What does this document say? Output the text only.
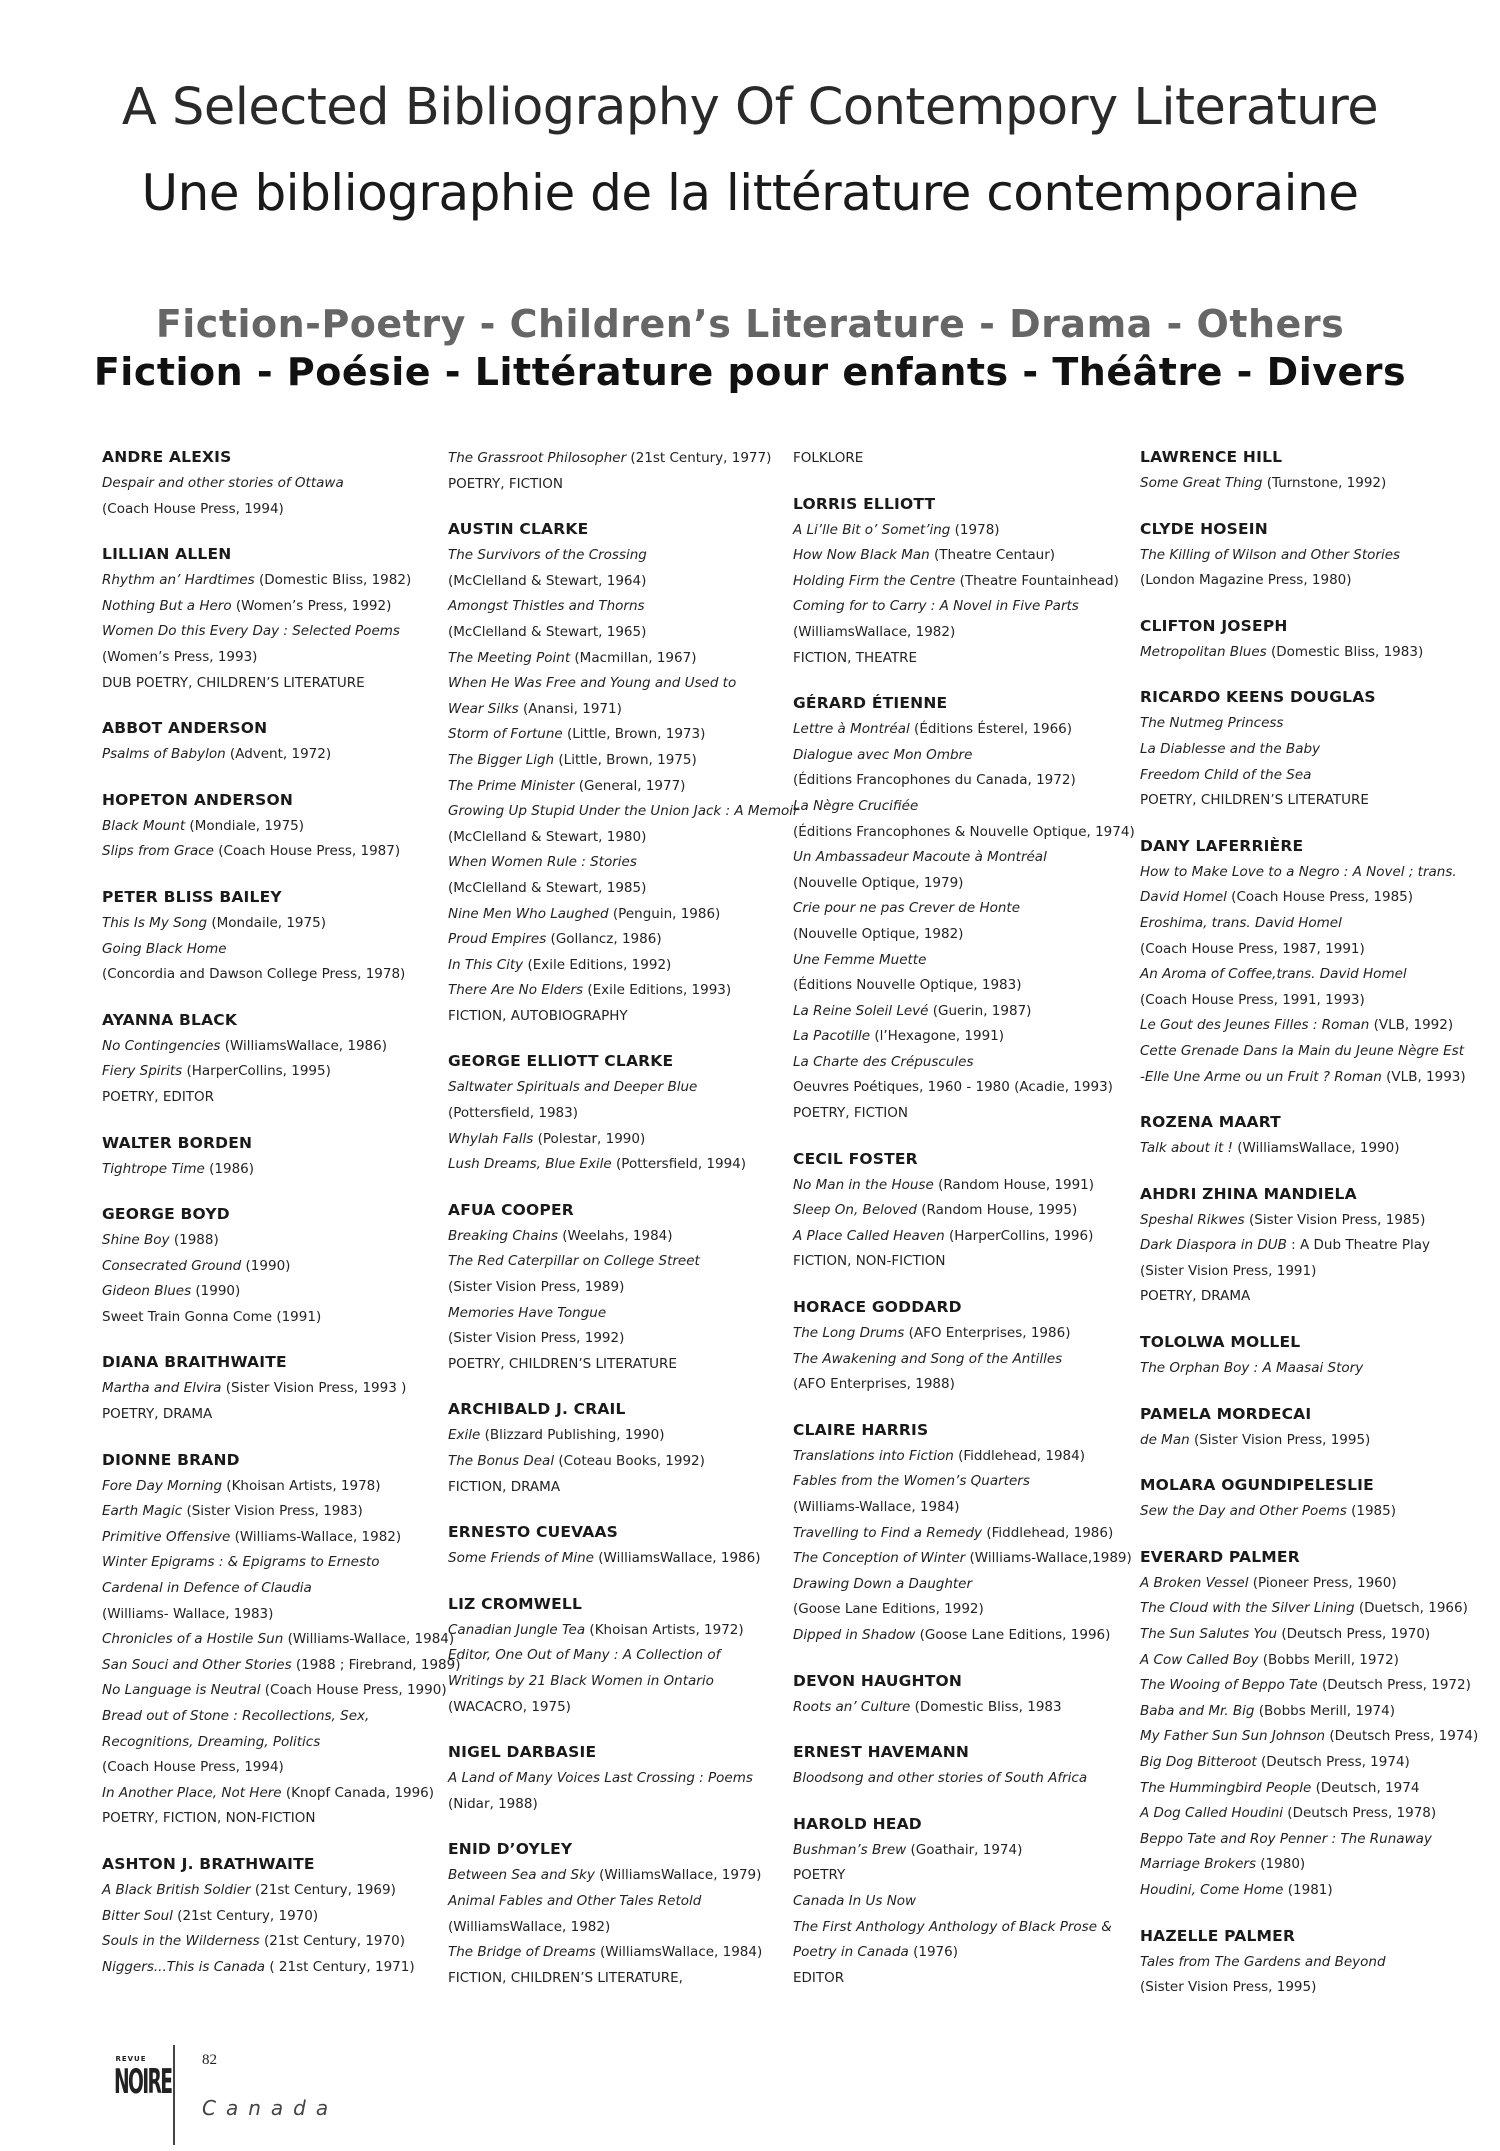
A Selected Bibliography Of Contempory Literature
Une bibliographie de la littérature contemporaine
Fiction-Poetry - Children’s Literature - Drama - Others
Fiction - Poésie - Littérature pour enfants - Théâtre - Divers
ANDRE ALEXIS
Despair and other stories of Ottawa
(Coach House Press, 1994)
LILLIAN ALLEN
Rhythm an’ Hardtimes (Domestic Bliss, 1982)
Nothing But a Hero (Women’s Press, 1992)
Women Do this Every Day : Selected Poems
(Women’s Press, 1993)
DUB POETRY, CHILDREN’S LITERATURE
ABBOT ANDERSON
Psalms of Babylon (Advent, 1972)
HOPETON ANDERSON
Black Mount (Mondiale, 1975)
Slips from Grace (Coach House Press, 1987)
PETER BLISS BAILEY
This Is My Song (Mondaile, 1975)
Going Black Home
(Concordia and Dawson College Press, 1978)
AYANNA BLACK
No Contingencies (WilliamsWallace, 1986)
Fiery Spirits (HarperCollins, 1995)
POETRY, EDITOR
WALTER BORDEN
Tightrope Time (1986)
GEORGE BOYD
Shine Boy (1988)
Consecrated Ground (1990)
Gideon Blues (1990)
Sweet Train Gonna Come (1991)
DIANA BRAITHWAITE
Martha and Elvira (Sister Vision Press, 1993 )
POETRY, DRAMA
DIONNE BRAND
Fore Day Morning (Khoisan Artists, 1978)
Earth Magic (Sister Vision Press, 1983)
Primitive Offensive (Williams-Wallace, 1982)
Winter Epigrams : & Epigrams to Ernesto
Cardenal in Defence of Claudia
(Williams- Wallace, 1983)
Chronicles of a Hostile Sun (Williams-Wallace, 1984)
San Souci and Other Stories (1988 ; Firebrand, 1989)
No Language is Neutral (Coach House Press, 1990)
Bread out of Stone : Recollections, Sex,
Recognitions, Dreaming, Politics
(Coach House Press, 1994)
In Another Place, Not Here (Knopf Canada, 1996)
POETRY, FICTION, NON-FICTION
ASHTON J. BRATHWAITE
A Black British Soldier (21st Century, 1969)
Bitter Soul (21st Century, 1970)
Souls in the Wilderness (21st Century, 1970)
Niggers...This is Canada ( 21st Century, 1971)
The Grassroot Philosopher (21st Century, 1977)
POETRY, FICTION
AUSTIN CLARKE
The Survivors of the Crossing
(McClelland & Stewart, 1964)
Amongst Thistles and Thorns
(McClelland & Stewart, 1965)
The Meeting Point (Macmillan, 1967)
When He Was Free and Young and Used to
Wear Silks (Anansi, 1971)
Storm of Fortune (Little, Brown, 1973)
The Bigger Ligh (Little, Brown, 1975)
The Prime Minister (General, 1977)
Growing Up Stupid Under the Union Jack : A Memoir
(McClelland & Stewart, 1980)
When Women Rule : Stories
(McClelland & Stewart, 1985)
Nine Men Who Laughed (Penguin, 1986)
Proud Empires (Gollancz, 1986)
In This City (Exile Editions, 1992)
There Are No Elders (Exile Editions, 1993)
FICTION, AUTOBIOGRAPHY
GEORGE ELLIOTT CLARKE
Saltwater Spirituals and Deeper Blue
(Pottersfield, 1983)
Whylah Falls (Polestar, 1990)
Lush Dreams, Blue Exile (Pottersfield, 1994)
AFUA COOPER
Breaking Chains (Weelahs, 1984)
The Red Caterpillar on College Street
(Sister Vision Press, 1989)
Memories Have Tongue
(Sister Vision Press, 1992)
POETRY, CHILDREN’S LITERATURE
ARCHIBALD J. CRAIL
Exile (Blizzard Publishing, 1990)
The Bonus Deal (Coteau Books, 1992)
FICTION, DRAMA
ERNESTO CUEVAAS
Some Friends of Mine (WilliamsWallace, 1986)
LIZ CROMWELL
Canadian Jungle Tea (Khoisan Artists, 1972)
Editor, One Out of Many : A Collection of
Writings by 21 Black Women in Ontario
(WACACRO, 1975)
NIGEL DARBASIE
A Land of Many Voices Last Crossing : Poems
(Nidar, 1988)
ENID D’OYLEY
Between Sea and Sky (WilliamsWallace, 1979)
Animal Fables and Other Tales Retold
(WilliamsWallace, 1982)
The Bridge of Dreams (WilliamsWallace, 1984)
FICTION, CHILDREN’S LITERATURE,
FOLKLORE
LORRIS ELLIOTT
A Li’lle Bit o’ Somet’ing (1978)
How Now Black Man (Theatre Centaur)
Holding Firm the Centre (Theatre Fountainhead)
Coming for to Carry : A Novel in Five Parts
(WilliamsWallace, 1982)
FICTION, THEATRE
GÉRARD ÉTIENNE
Lettre à Montréal (Éditions Ésterel, 1966)
Dialogue avec Mon Ombre
(Éditions Francophones du Canada, 1972)
La Nègre Crucifiée
(Éditions Francophones & Nouvelle Optique, 1974)
Un Ambassadeur Macoute à Montréal
(Nouvelle Optique, 1979)
Crie pour ne pas Crever de Honte
(Nouvelle Optique, 1982)
Une Femme Muette
(Éditions Nouvelle Optique, 1983)
La Reine Soleil Levé (Guerin, 1987)
La Pacotille (l’Hexagone, 1991)
La Charte des Crépuscules
Oeuvres Poétiques, 1960 - 1980 (Acadie, 1993)
POETRY, FICTION
CECIL FOSTER
No Man in the House (Random House, 1991)
Sleep On, Beloved (Random House, 1995)
A Place Called Heaven (HarperCollins, 1996)
FICTION, NON-FICTION
HORACE GODDARD
The Long Drums (AFO Enterprises, 1986)
The Awakening and Song of the Antilles
(AFO Enterprises, 1988)
CLAIRE HARRIS
Translations into Fiction (Fiddlehead, 1984)
Fables from the Women’s Quarters
(Williams-Wallace, 1984)
Travelling to Find a Remedy (Fiddlehead, 1986)
The Conception of Winter (Williams-Wallace,1989)
Drawing Down a Daughter
(Goose Lane Editions, 1992)
Dipped in Shadow (Goose Lane Editions, 1996)
DEVON HAUGHTON
Roots an’ Culture (Domestic Bliss, 1983
ERNEST HAVEMANN
Bloodsong and other stories of South Africa
HAROLD HEAD
Bushman’s Brew (Goathair, 1974)
POETRY
Canada In Us Now
The First Anthology Anthology of Black Prose &
Poetry in Canada (1976)
EDITOR
LAWRENCE HILL
Some Great Thing (Turnstone, 1992)
CLYDE HOSEIN
The Killing of Wilson and Other Stories
(London Magazine Press, 1980)
CLIFTON JOSEPH
Metropolitan Blues (Domestic Bliss, 1983)
RICARDO KEENS DOUGLAS
The Nutmeg Princess
La Diablesse and the Baby
Freedom Child of the Sea
POETRY, CHILDREN’S LITERATURE
DANY LAFERRIÈRE
How to Make Love to a Negro : A Novel ; trans.
David Homel (Coach House Press, 1985)
Eroshima, trans. David Homel
(Coach House Press, 1987, 1991)
An Aroma of Coffee,trans. David Homel
(Coach House Press, 1991, 1993)
Le Gout des Jeunes Filles : Roman (VLB, 1992)
Cette Grenade Dans la Main du Jeune Nègre Est
-Elle Une Arme ou un Fruit ? Roman (VLB, 1993)
ROZENA MAART
Talk about it ! (WilliamsWallace, 1990)
AHDRI ZHINA MANDIELA
Speshal Rikwes (Sister Vision Press, 1985)
Dark Diaspora in DUB : A Dub Theatre Play
(Sister Vision Press, 1991)
POETRY, DRAMA
TOLOLWA MOLLEL
The Orphan Boy : A Maasai Story
PAMELA MORDECAI
de Man (Sister Vision Press, 1995)
MOLARA OGUNDIPELESLIE
Sew the Day and Other Poems (1985)
EVERARD PALMER
A Broken Vessel (Pioneer Press, 1960)
The Cloud with the Silver Lining (Duetsch, 1966)
The Sun Salutes You (Deutsch Press, 1970)
A Cow Called Boy (Bobbs Merill, 1972)
The Wooing of Beppo Tate (Deutsch Press, 1972)
Baba and Mr. Big (Bobbs Merill, 1974)
My Father Sun Sun Johnson (Deutsch Press, 1974)
Big Dog Bitteroot (Deutsch Press, 1974)
The Hummingbird People (Deutsch, 1974
A Dog Called Houdini (Deutsch Press, 1978)
Beppo Tate and Roy Penner : The Runaway
Marriage Brokers (1980)
Houdini, Come Home (1981)
HAZELLE PALMER
Tales from The Gardens and Beyond
(Sister Vision Press, 1995)
REVUE
NOIRE
82
Canada
